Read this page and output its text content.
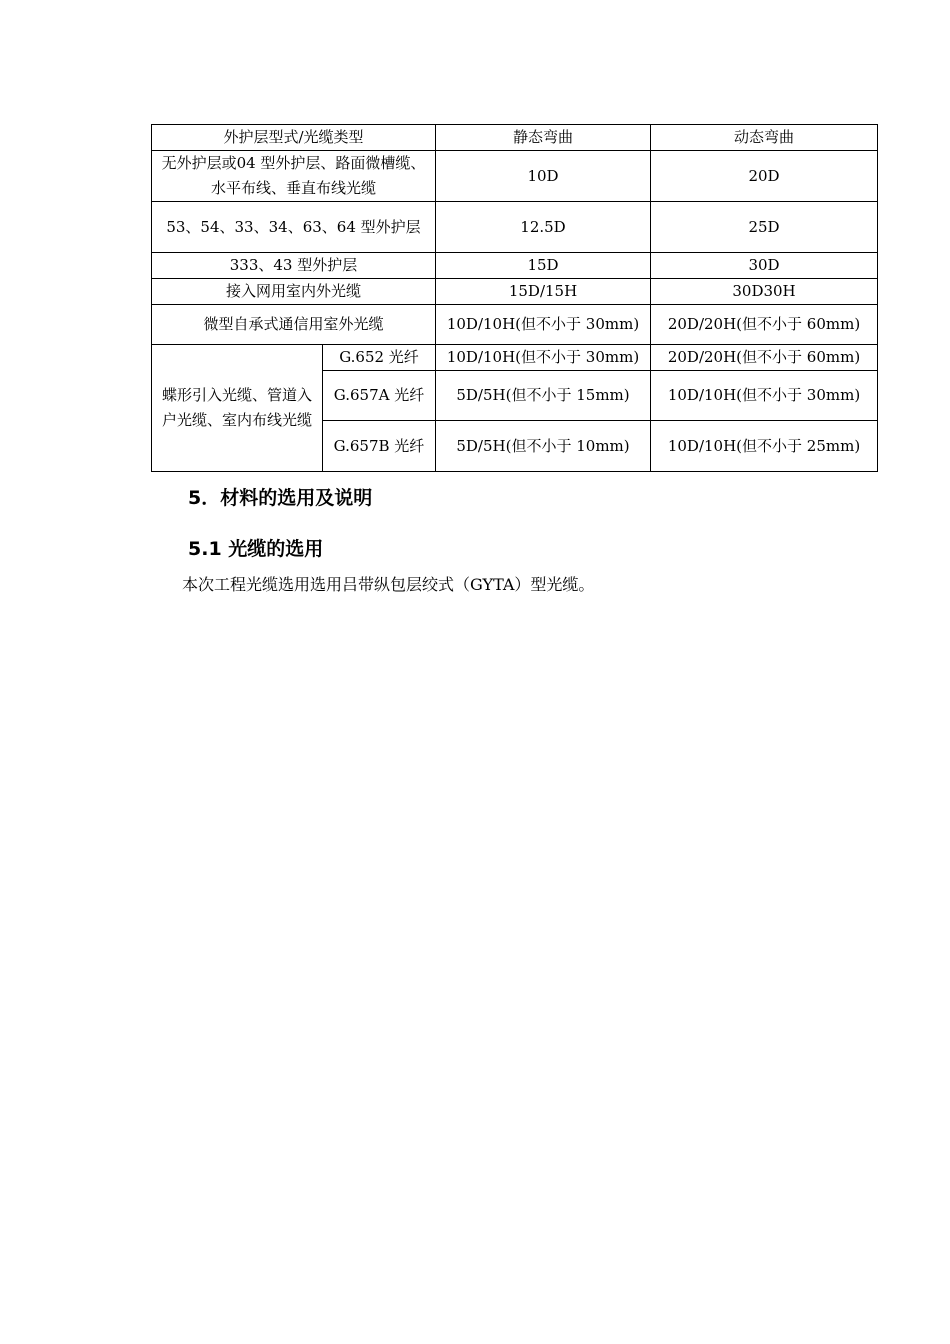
外护层型式/光缆类型		静态弯曲	动态弯曲
无外护层或04 型外护层、路面微槽缆、水平布线、垂直布线光缆		10D	20D
53、54、33、34、63、64 型外护层		12.5D	25D
333、43 型外护层		15D	30D
接入网用室内外光缆		15D/15H	30D30H
微型自承式通信用室外光缆		10D/10H(但不小于 30mm)	20D/20H(但不小于 60mm)
蝶形引入光缆、管道入户光缆、室内布线光缆	G.652 光纤	10D/10H(但不小于 30mm)	20D/20H(但不小于 60mm)
	G.657A 光纤	5D/5H(但不小于 15mm)	10D/10H(但不小于 30mm)
	G.657B 光纤	5D/5H(但不小于 10mm)	10D/10H(但不小于 25mm)
5．材料的选用及说明
5.1 光缆的选用
本次工程光缆选用选用吕带纵包层绞式（GYTA）型光缆。
